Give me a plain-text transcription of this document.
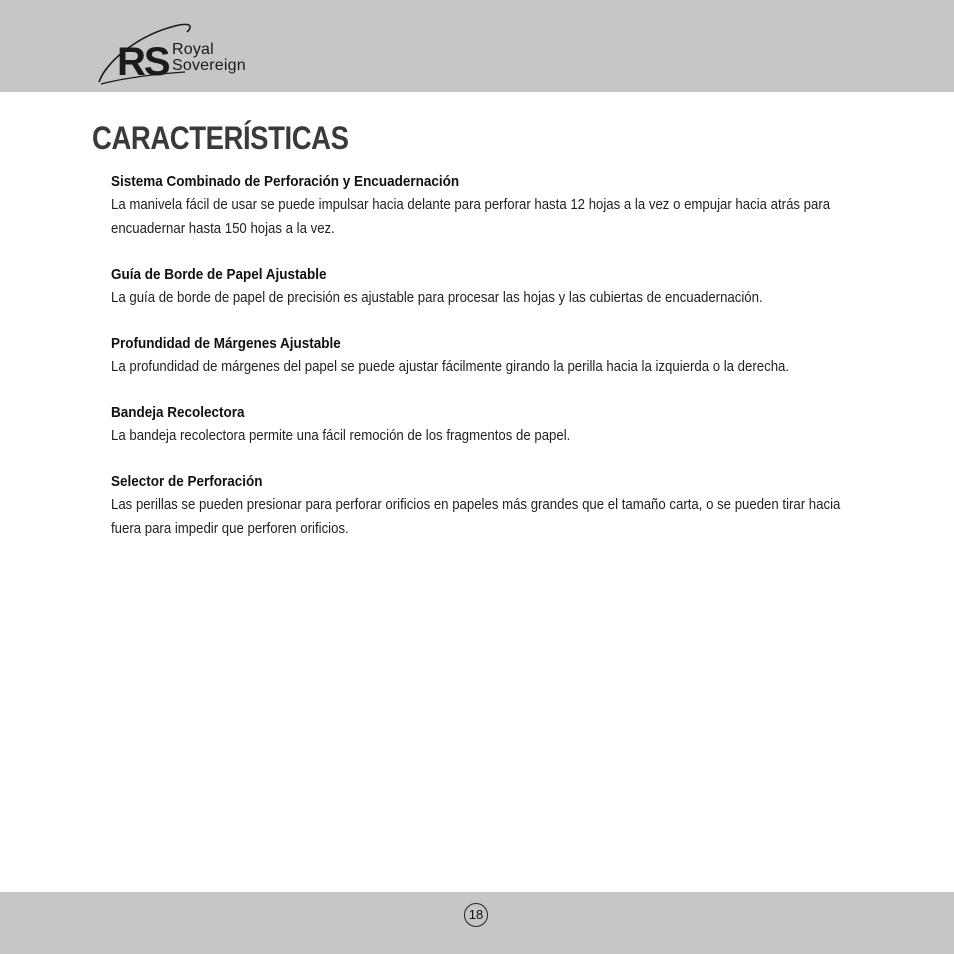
RS Royal
Sovereign
CARACTERÍSTICAS
Sistema Combinado de Perforación y Encuadernación

La manivela fácil de usar se puede impulsar hacia delante para perforar hasta 12 hojas a la vez o empujar hacia atrás para encuadernar hasta 150 hojas a la vez.

Guía de Borde de Papel Ajustable

La guía de borde de papel de precisión es ajustable para procesar las hojas y las cubiertas de encuadernación.

Profundidad de Márgenes Ajustable

La profundidad de márgenes del papel se puede ajustar fácilmente girando la perilla hacia la izquierda o la derecha.

Bandeja Recolectora

La bandeja recolectora permite una fácil remoción de los fragmentos de papel.

Selector de Perforación

Las perillas se pueden presionar para perforar orificios en papeles más grandes que el tamaño carta, o se pueden tirar hacia fuera para impedir que perforen orificios.

18
